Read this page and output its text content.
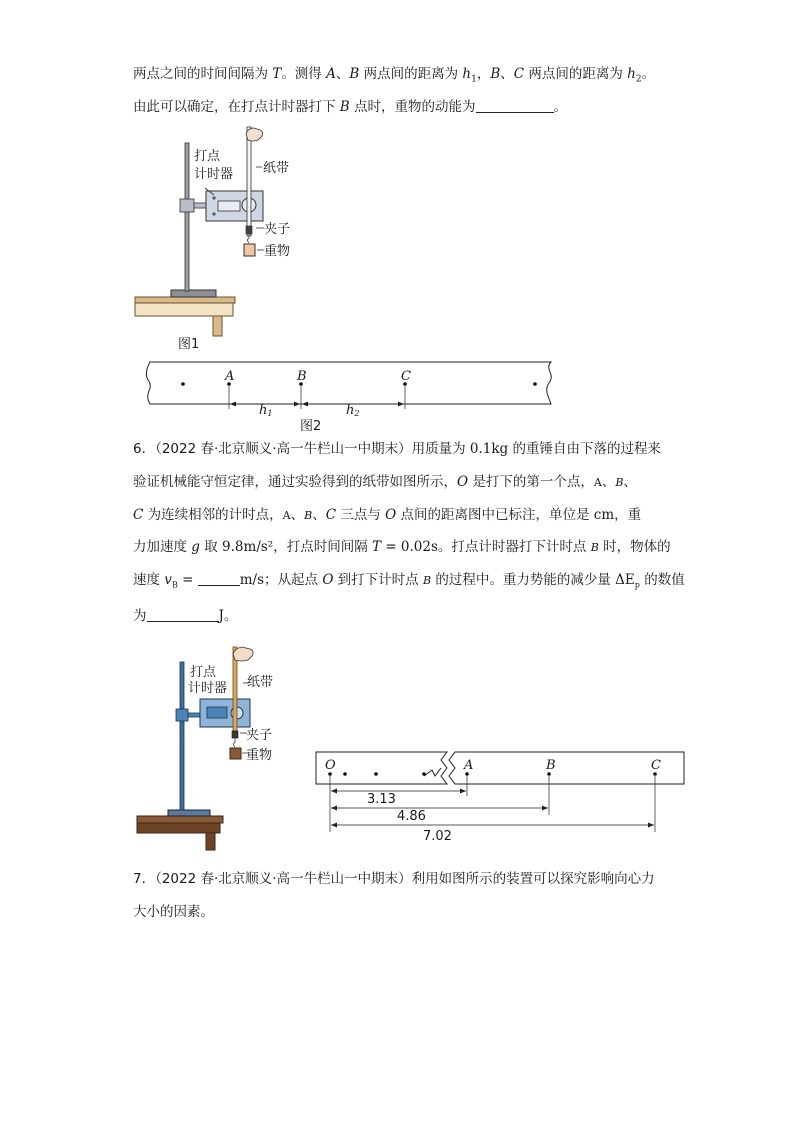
两点之间的时间间隔为 T。测得 A、B 两点间的距离为 $h_1$，B、C 两点间的距离为 $h_2$。
由此可以确定，在打点计时器打下 B 点时，重物的动能为	。
打点
计时器 纸带
夹子
重物
图1
A	B	C
h1	h2
图2
6．（2022 春·北京顺义·高一牛栏山一中期末）用质量为 0.1kg 的重锤自由下落的过程来
验证机械能守恒定律，通过实验得到的纸带如图所示，O 是打下的第一个点，A、B、
C 为连续相邻的计时点，A、B、C 三点与 O 点间的距离图中已标注，单位是 cm，重
力加速度 g 取 9.8m/s²，打点时间间隔 T = 0.02s。打点计时器打下计时点 B 时，物体的
速度 $v_B$ =	m/s；从起点 O 到打下计时点 B 的过程中。重力势能的减少量 $\Delta E_p$ 的数值
为	J。
打点
计时器 纸带
夹子
重物
O	A	B	C
3.13
4.86
7.02
7．（2022 春·北京顺义·高一牛栏山一中期末）利用如图所示的装置可以探究影响向心力
大小的因素。
